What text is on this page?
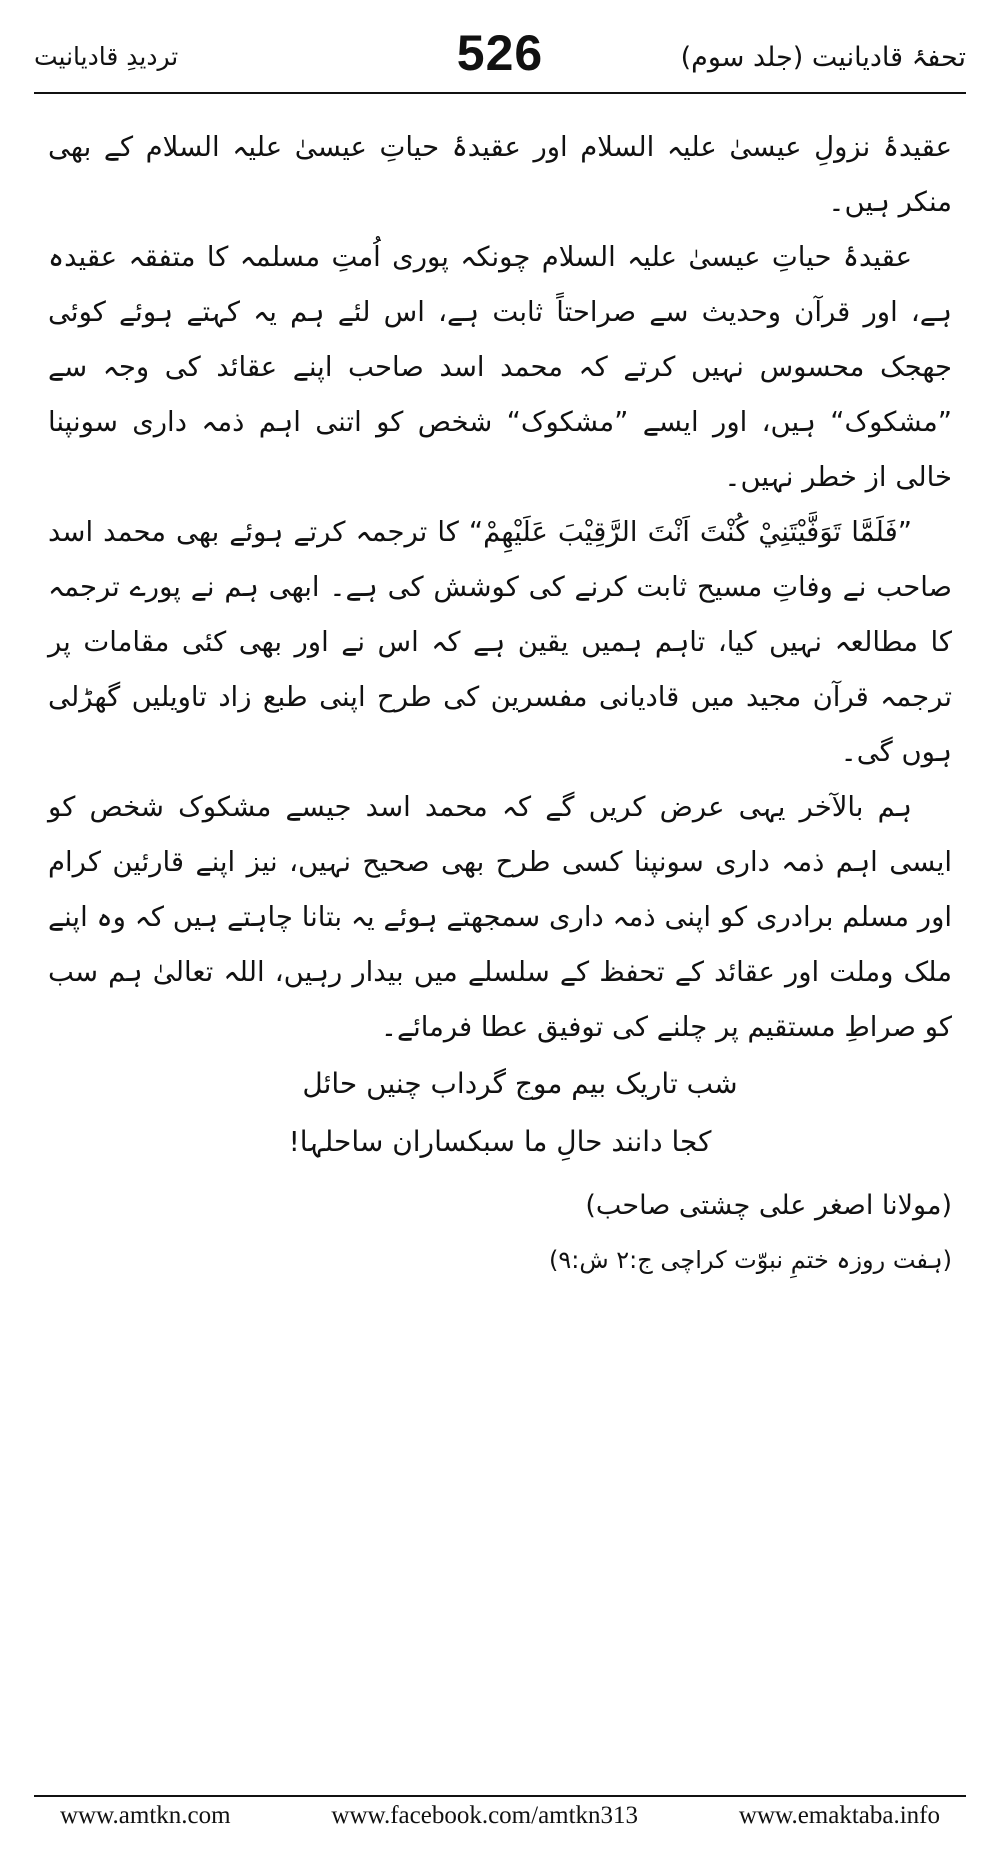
تردیدِ قادیانیت	526	تحفۂ قادیانیت (جلد سوم)

عقیدۂ نزولِ عیسیٰ علیہ السلام اور عقیدۂ حیاتِ عیسیٰ علیہ السلام کے بھی منکر ہیں۔

عقیدۂ حیاتِ عیسیٰ علیہ السلام چونکہ پوری اُمتِ مسلمہ کا متفقہ عقیدہ ہے، اور قرآن وحدیث سے صراحتاً ثابت ہے، اس لئے ہم یہ کہتے ہوئے کوئی جھجک محسوس نہیں کرتے کہ محمد اسد صاحب اپنے عقائد کی وجہ سے ”مشکوک“ ہیں، اور ایسے ”مشکوک“ شخص کو اتنی اہم ذمہ داری سونپنا خالی از خطر نہیں۔

”فَلَمَّا تَوَفَّيْتَنِيْ كُنْتَ اَنْتَ الرَّقِيْبَ عَلَيْهِمْ“ کا ترجمہ کرتے ہوئے بھی محمد اسد صاحب نے وفاتِ مسیح ثابت کرنے کی کوشش کی ہے۔ ابھی ہم نے پورے ترجمہ کا مطالعہ نہیں کیا، تاہم ہمیں یقین ہے کہ اس نے اور بھی کئی مقامات پر ترجمہ قرآن مجید میں قادیانی مفسرین کی طرح اپنی طبع زاد تاویلیں گھڑلی ہوں گی۔

ہم بالآخر یہی عرض کریں گے کہ محمد اسد جیسے مشکوک شخص کو ایسی اہم ذمہ داری سونپنا کسی طرح بھی صحیح نہیں، نیز اپنے قارئین کرام اور مسلم برادری کو اپنی ذمہ داری سمجھتے ہوئے یہ بتانا چاہتے ہیں کہ وہ اپنے ملک وملت اور عقائد کے تحفظ کے سلسلے میں بیدار رہیں، اللہ تعالیٰ ہم سب کو صراطِ مستقیم پر چلنے کی توفیق عطا فرمائے۔

شب تاریک بیم موج گرداب چنیں حائل

کجا دانند حالِ ما سبکساران ساحلہا!

(مولانا اصغر علی چشتی صاحب)

(ہفت روزہ ختمِ نبوّت کراچی ج:۲ ش:۹)

www.amtkn.com	www.facebook.com/amtkn313	www.emaktaba.info
